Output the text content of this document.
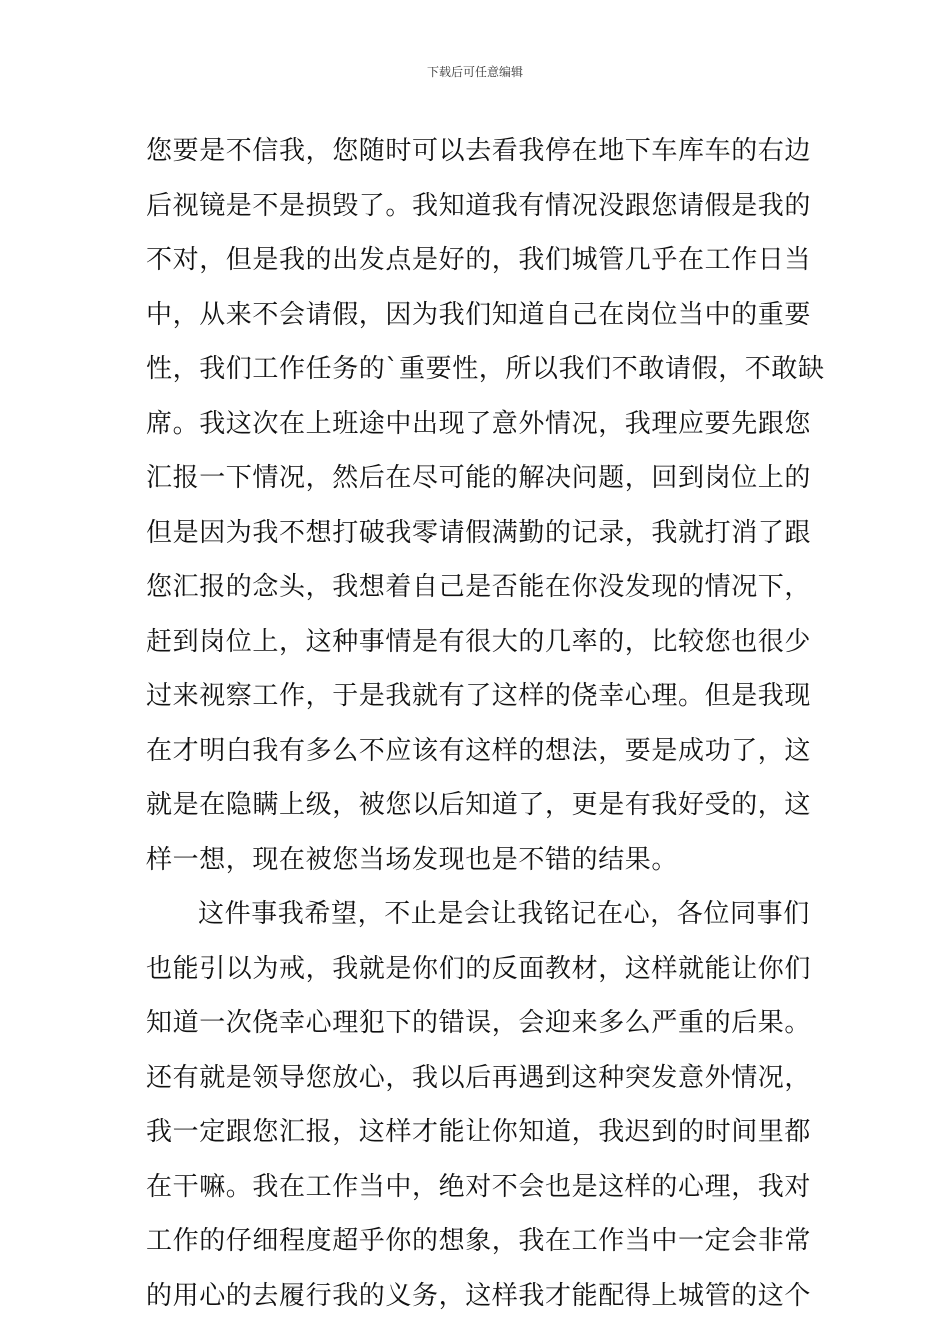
下载后可任意编辑
您要是不信我，您随时可以去看我停在地下车库车的右边
后视镜是不是损毁了。我知道我有情况没跟您请假是我的
不对，但是我的出发点是好的，我们城管几乎在工作日当
中，从来不会请假，因为我们知道自己在岗位当中的重要
性，我们工作任务的`重要性，所以我们不敢请假，不敢缺
席。我这次在上班途中出现了意外情况，我理应要先跟您
汇报一下情况，然后在尽可能的解决问题，回到岗位上的
但是因为我不想打破我零请假满勤的记录，我就打消了跟
您汇报的念头，我想着自己是否能在你没发现的情况下，
赶到岗位上，这种事情是有很大的几率的，比较您也很少
过来视察工作，于是我就有了这样的侥幸心理。但是我现
在才明白我有多么不应该有这样的想法，要是成功了，这
就是在隐瞒上级，被您以后知道了，更是有我好受的，这
样一想，现在被您当场发现也是不错的结果。
这件事我希望，不止是会让我铭记在心，各位同事们
也能引以为戒，我就是你们的反面教材，这样就能让你们
知道一次侥幸心理犯下的错误，会迎来多么严重的后果。
还有就是领导您放心，我以后再遇到这种突发意外情况，
我一定跟您汇报，这样才能让你知道，我迟到的时间里都
在干嘛。我在工作当中，绝对不会也是这样的心理，我对
工作的仔细程度超乎你的想象，我在工作当中一定会非常
的用心的去履行我的义务，这样我才能配得上城管的这个
